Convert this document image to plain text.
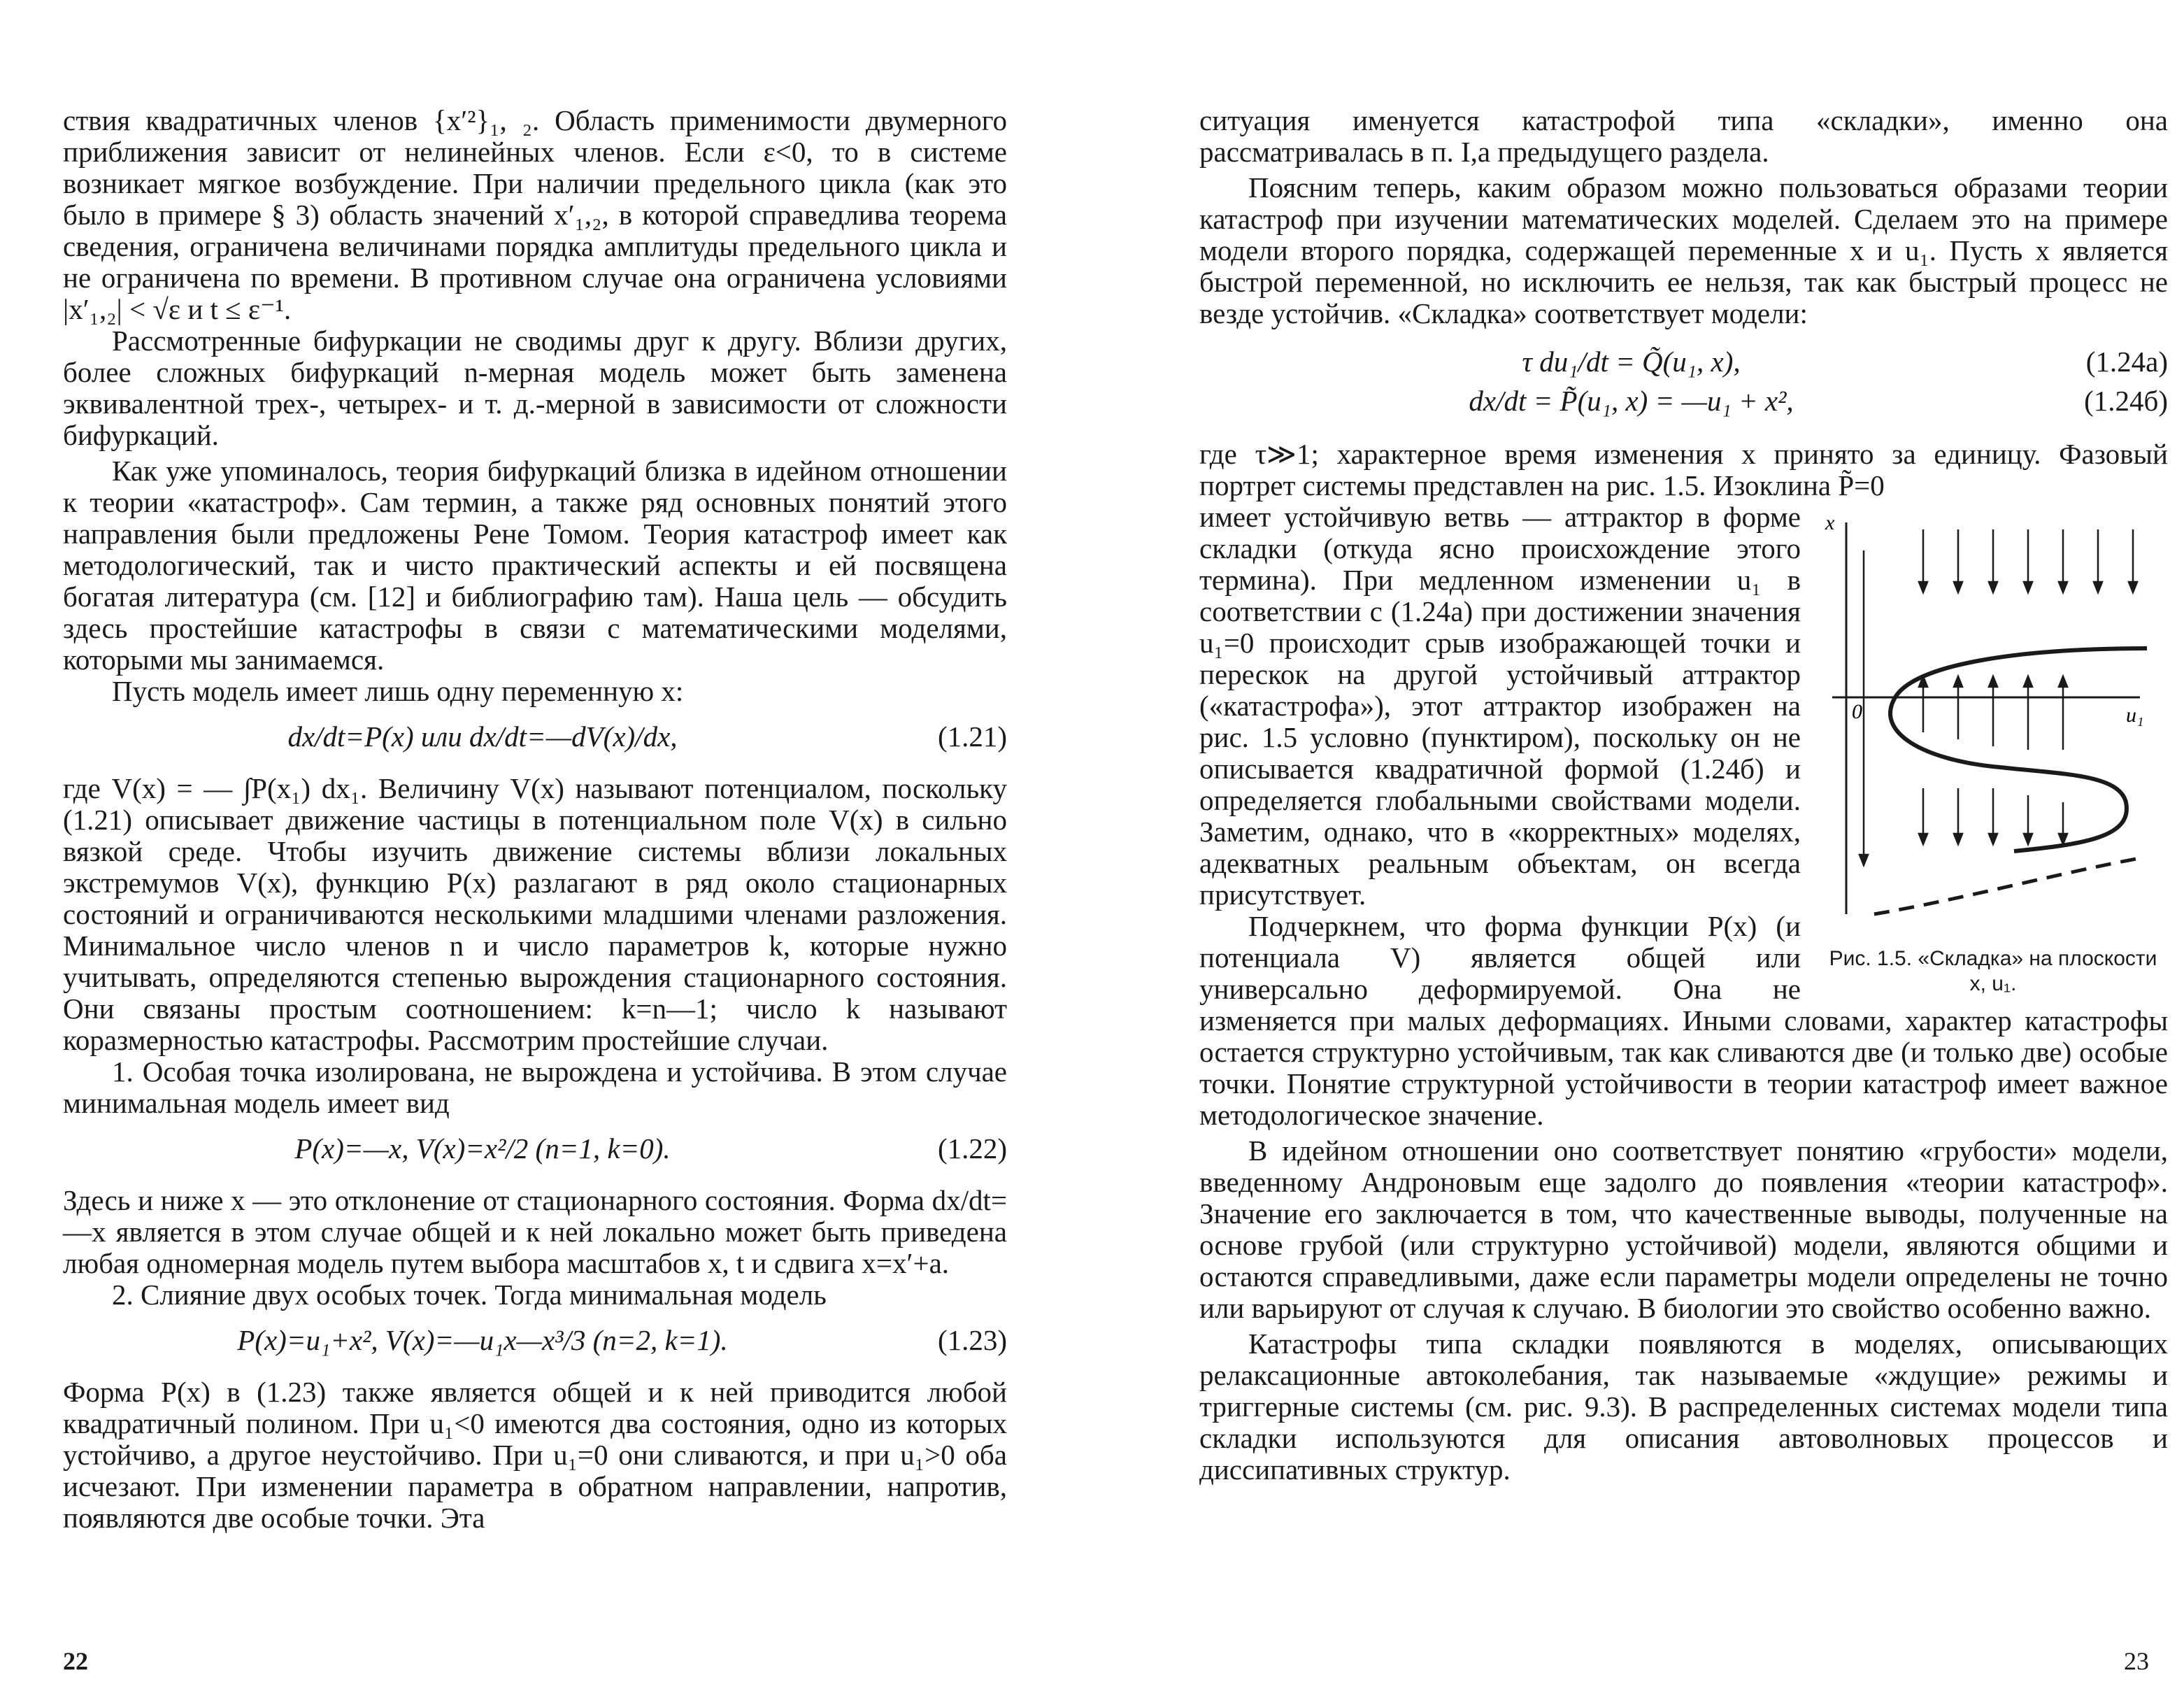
ствия квадратичных членов {x′²}₁, ₂. Область применимости двумерного приближения зависит от нелинейных членов. Если ε<0, то в системе возникает мягкое возбуждение. При наличии предельного цикла (как это было в примере § 3) область значений x′₁,₂, в которой справедлива теорема сведения, ограничена величинами порядка амплитуды предельного цикла и не ограничена по времени. В противном случае она ограничена условиями |x′₁,₂| < √ε и t ≤ ε⁻¹.

Рассмотренные бифуркации не сводимы друг к другу. Вблизи других, более сложных бифуркаций n-мерная модель может быть заменена эквивалентной трех-, четырех- и т. д.-мерной в зависимости от сложности бифуркаций.

Как уже упоминалось, теория бифуркаций близка в идейном отношении к теории «катастроф». Сам термин, а также ряд основных понятий этого направления были предложены Рене Томом. Теория катастроф имеет как методологический, так и чисто практический аспекты и ей посвящена богатая литература (см. [12] и библиографию там). Наша цель — обсудить здесь простейшие катастрофы в связи с математическими моделями, которыми мы занимаемся.

Пусть модель имеет лишь одну переменную x:

dx/dt=P(x) или dx/dt=—dV(x)/dx,	(1.21)

где V(x) = — ∫P(x₁) dx₁. Величину V(x) называют потенциалом, поскольку (1.21) описывает движение частицы в потенциальном поле V(x) в сильно вязкой среде. Чтобы изучить движение системы вблизи локальных экстремумов V(x), функцию P(x) разлагают в ряд около стационарных состояний и ограничиваются несколькими младшими членами разложения. Минимальное число членов n и число параметров k, которые нужно учитывать, определяются степенью вырождения стационарного состояния. Они связаны простым соотношением: k=n—1; число k называют коразмерностью катастрофы. Рассмотрим простейшие случаи.

1. Особая точка изолирована, не вырождена и устойчива. В этом случае минимальная модель имеет вид

P(x)=—x, V(x)=x²/2 (n=1, k=0).	(1.22)

Здесь и ниже x — это отклонение от стационарного состояния. Форма dx/dt=—x является в этом случае общей и к ней локально может быть приведена любая одномерная модель путем выбора масштабов x, t и сдвига x=x′+a.

2. Слияние двух особых точек. Тогда минимальная модель

P(x)=u₁+x², V(x)=—u₁x—x³/3 (n=2, k=1).	(1.23)

Форма P(x) в (1.23) также является общей и к ней приводится любой квадратичный полином. При u₁<0 имеются два состояния, одно из которых устойчиво, а другое неустойчиво. При u₁=0 они сливаются, и при u₁>0 оба исчезают. При изменении параметра в обратном направлении, напротив, появляются две особые точки. Эта

22

ситуация именуется катастрофой типа «складки», именно она рассматривалась в п. I,а предыдущего раздела.

Поясним теперь, каким образом можно пользоваться образами теории катастроф при изучении математических моделей. Сделаем это на примере модели второго порядка, содержащей переменные x и u₁. Пусть x является быстрой переменной, но исключить ее нельзя, так как быстрый процесс не везде устойчив. «Складка» соответствует модели:

τ du₁/dt = Q̃(u₁, x),	(1.24a)
dx/dt = P̃(u₁, x) = —u₁ + x²,	(1.24б)

где τ≫1; характерное время изменения x принято за единицу. Фазовый портрет системы представлен на рис. 1.5. Изоклина P̃=0

x
u₁
0
Рис. 1.5. «Складка» на плоскости x, u₁.

имеет устойчивую ветвь — аттрактор в форме складки (откуда ясно происхождение этого термина). При медленном изменении u₁ в соответствии с (1.24а) при достижении значения u₁=0 происходит срыв изображающей точки и перескок на другой устойчивый аттрактор («катастрофа»), этот аттрактор изображен на рис. 1.5 условно (пунктиром), поскольку он не описывается квадратичной формой (1.24б) и определяется глобальными свойствами модели. Заметим, однако, что в «корректных» моделях, адекватных реальным объектам, он всегда присутствует.

Подчеркнем, что форма функции P(x) (и потенциала V) является общей или универсально деформируемой. Она не изменяется при малых деформациях. Иными словами, характер катастрофы остается структурно устойчивым, так как сливаются две (и только две) особые точки. Понятие структурной устойчивости в теории катастроф имеет важное методологическое значение.

В идейном отношении оно соответствует понятию «грубости» модели, введенному Андроновым еще задолго до появления «теории катастроф». Значение его заключается в том, что качественные выводы, полученные на основе грубой (или структурно устойчивой) модели, являются общими и остаются справедливыми, даже если параметры модели определены не точно или варьируют от случая к случаю. В биологии это свойство особенно важно.

Катастрофы типа складки появляются в моделях, описывающих релаксационные автоколебания, так называемые «ждущие» режимы и триггерные системы (см. рис. 9.3). В распределенных системах модели типа складки используются для описания автоволновых процессов и диссипативных структур.

23
